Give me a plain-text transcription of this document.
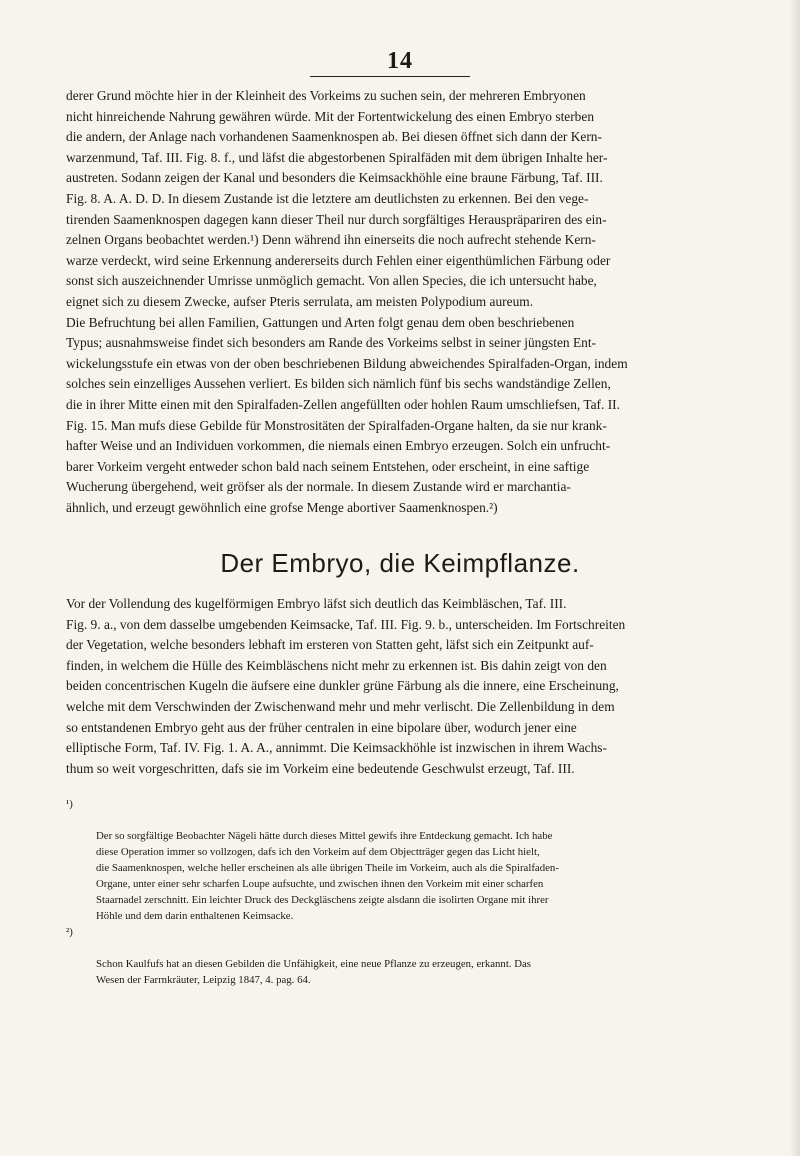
14
derer Grund möchte hier in der Kleinheit des Vorkeims zu suchen sein, der mehreren Embryonen
nicht hinreichende Nahrung gewähren würde. Mit der Fortentwickelung des einen Embryo sterben
die andern, der Anlage nach vorhandenen Saamenknospen ab. Bei diesen öffnet sich dann der Kern-
warzenmund, Taf. III. Fig. 8. f., und läfst die abgestorbenen Spiralfäden mit dem übrigen Inhalte her-
austreten. Sodann zeigen der Kanal und besonders die Keimsackhöhle eine braune Färbung, Taf. III.
Fig. 8. A. A. D. D. In diesem Zustande ist die letztere am deutlichsten zu erkennen. Bei den vege-
tirenden Saamenknospen dagegen kann dieser Theil nur durch sorgfältiges Herauspräpariren des ein-
zelnen Organs beobachtet werden.¹) Denn während ihn einerseits die noch aufrecht stehende Kern-
warze verdeckt, wird seine Erkennung andererseits durch Fehlen einer eigenthümlichen Färbung oder
sonst sich auszeichnender Umrisse unmöglich gemacht. Von allen Species, die ich untersucht habe,
eignet sich zu diesem Zwecke, aufser Pteris serrulata, am meisten Polypodium aureum.
Die Befruchtung bei allen Familien, Gattungen und Arten folgt genau dem oben beschriebenen
Typus; ausnahmsweise findet sich besonders am Rande des Vorkeims selbst in seiner jüngsten Ent-
wickelungsstufe ein etwas von der oben beschriebenen Bildung abweichendes Spiralfaden-Organ, indem
solches sein einzelliges Aussehen verliert. Es bilden sich nämlich fünf bis sechs wandständige Zellen,
die in ihrer Mitte einen mit den Spiralfaden-Zellen angefüllten oder hohlen Raum umschliefsen, Taf. II.
Fig. 15. Man mufs diese Gebilde für Monstrositäten der Spiralfaden-Organe halten, da sie nur krank-
hafter Weise und an Individuen vorkommen, die niemals einen Embryo erzeugen. Solch ein unfrucht-
barer Vorkeim vergeht entweder schon bald nach seinem Entstehen, oder erscheint, in eine saftige
Wucherung übergehend, weit gröfser als der normale. In diesem Zustande wird er marchantia-
ähnlich, und erzeugt gewöhnlich eine grofse Menge abortiver Saamenknospen.²)
Der Embryo, die Keimpflanze.
Vor der Vollendung des kugelförmigen Embryo läfst sich deutlich das Keimbläschen, Taf. III.
Fig. 9. a., von dem dasselbe umgebenden Keimsacke, Taf. III. Fig. 9. b., unterscheiden. Im Fortschreiten
der Vegetation, welche besonders lebhaft im ersteren von Statten geht, läfst sich ein Zeitpunkt auf-
finden, in welchem die Hülle des Keimbläschens nicht mehr zu erkennen ist. Bis dahin zeigt von den
beiden concentrischen Kugeln die äufsere eine dunkler grüne Färbung als die innere, eine Erscheinung,
welche mit dem Verschwinden der Zwischenwand mehr und mehr verlischt. Die Zellenbildung in dem
so entstandenen Embryo geht aus der früher centralen in eine bipolare über, wodurch jener eine
elliptische Form, Taf. IV. Fig. 1. A. A., annimmt. Die Keimsackhöhle ist inzwischen in ihrem Wachs-
thum so weit vorgeschritten, dafs sie im Vorkeim eine bedeutende Geschwulst erzeugt, Taf. III.

¹)

Der so sorgfältige Beobachter Nägeli hätte durch dieses Mittel gewifs ihre Entdeckung gemacht. Ich habe
diese Operation immer so vollzogen, dafs ich den Vorkeim auf dem Objectträger gegen das Licht hielt,
die Saamenknospen, welche heller erscheinen als alle übrigen Theile im Vorkeim, auch als die Spiralfaden-
Organe, unter einer sehr scharfen Loupe aufsuchte, und zwischen ihnen den Vorkeim mit einer scharfen
Staarnadel zerschnitt. Ein leichter Druck des Deckgläschens zeigte alsdann die isolirten Organe mit ihrer
Höhle und dem darin enthaltenen Keimsacke.

²)

Schon Kaulfufs hat an diesen Gebilden die Unfähigkeit, eine neue Pflanze zu erzeugen, erkannt. Das
Wesen der Farrnkräuter, Leipzig 1847, 4. pag. 64.
